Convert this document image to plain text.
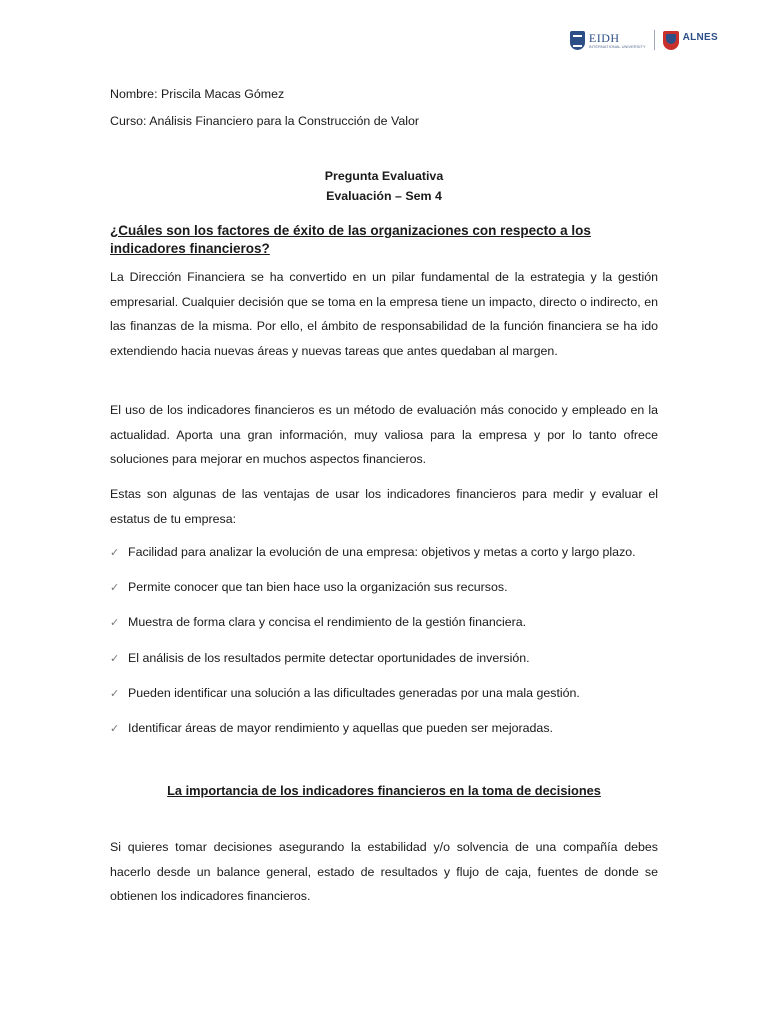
EIDH
INTERNATIONAL UNIVERSITY
ALNES

Nombre: Priscila Macas Gómez
Curso: Análisis Financiero para la Construcción de Valor
Pregunta Evaluativa
Evaluación – Sem 4
¿Cuáles son los factores de éxito de las organizaciones con respecto a los indicadores financieros?

La Dirección Financiera se ha convertido en un pilar fundamental de la estrategia y la gestión empresarial. Cualquier decisión que se toma en la empresa tiene un impacto, directo o indirecto, en las finanzas de la misma. Por ello, el ámbito de responsabilidad de la función financiera se ha ido extendiendo hacia nuevas áreas y nuevas tareas que antes quedaban al margen.

El uso de los indicadores financieros es un método de evaluación más conocido y empleado en la actualidad. Aporta una gran información, muy valiosa para la empresa y por lo tanto ofrece soluciones para mejorar en muchos aspectos financieros.

Estas son algunas de las ventajas de usar los indicadores financieros para medir y evaluar el estatus de tu empresa:

✓ Facilidad para analizar la evolución de una empresa: objetivos y metas a corto y largo plazo.
✓ Permite conocer que tan bien hace uso la organización sus recursos.
✓ Muestra de forma clara y concisa el rendimiento de la gestión financiera.
✓ El análisis de los resultados permite detectar oportunidades de inversión.
✓ Pueden identificar una solución a las dificultades generadas por una mala gestión.
✓ Identificar áreas de mayor rendimiento y aquellas que pueden ser mejoradas.
La importancia de los indicadores financieros en la toma de decisiones

Si quieres tomar decisiones asegurando la estabilidad y/o solvencia de una compañía debes hacerlo desde un balance general, estado de resultados y flujo de caja, fuentes de donde se obtienen los indicadores financieros.
